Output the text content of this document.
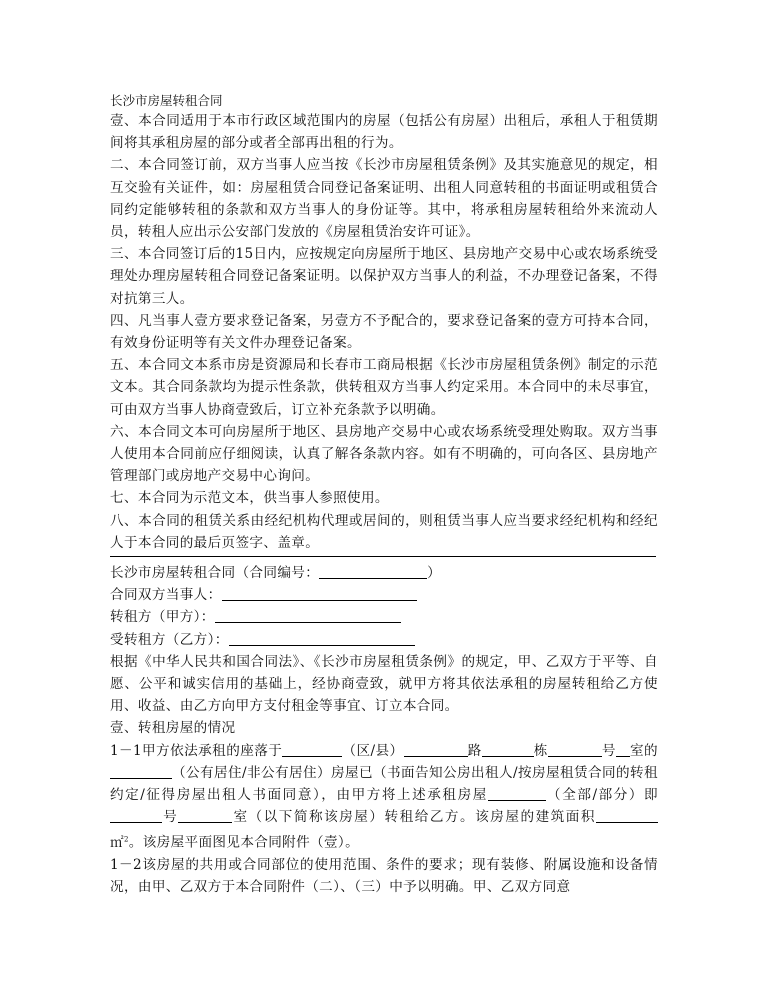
长沙市房屋转租合同

壹、本合同适用于本市行政区域范围内的房屋（包括公有房屋）出租后，承租人于租赁期间将其承租房屋的部分或者全部再出租的行为。

二、本合同签订前，双方当事人应当按《长沙市房屋租赁条例》及其实施意见的规定，相互交验有关证件，如：房屋租赁合同登记备案证明、出租人同意转租的书面证明或租赁合同约定能够转租的条款和双方当事人的身份证等。其中，将承租房屋转租给外来流动人员，转租人应出示公安部门发放的《房屋租赁治安许可证》。

三、本合同签订后的15日内，应按规定向房屋所于地区、县房地产交易中心或农场系统受理处办理房屋转租合同登记备案证明。以保护双方当事人的利益，不办理登记备案，不得对抗第三人。

四、凡当事人壹方要求登记备案，另壹方不予配合的，要求登记备案的壹方可持本合同，有效身份证明等有关文件办理登记备案。

五、本合同文本系市房是资源局和长春市工商局根据《长沙市房屋租赁条例》制定的示范文本。其合同条款均为提示性条款，供转租双方当事人约定采用。本合同中的未尽事宜，可由双方当事人协商壹致后，订立补充条款予以明确。

六、本合同文本可向房屋所于地区、县房地产交易中心或农场系统受理处购取。双方当事人使用本合同前应仔细阅读，认真了解各条款内容。如有不明确的，可向各区、县房地产管理部门或房地产交易中心询问。

七、本合同为示范文本，供当事人参照使用。

八、本合同的租赁关系由经纪机构代理或居间的，则租赁当事人应当要求经纪机构和经纪人于本合同的最后页签字、盖章。

长沙市房屋转租合同（合同编号：	）

合同双方当事人：

转租方（甲方）：

受转租方（乙方）：

根据《中华人民共和国合同法》、《长沙市房屋租赁条例》的规定，甲、乙双方于平等、自愿、公平和诚实信用的基础上，经协商壹致，就甲方将其依法承租的房屋转租给乙方使用、收益、由乙方向甲方支付租金等事宜、订立本合同。

壹、转租房屋的情况

1－1甲方依法承租的座落于	（区/县）	路	栋	号 室的（公有居住/非公有居住）房屋已（书面告知公房出租人/按房屋租赁合同的转租约定/征得房屋出租人书面同意），由甲方将上述承租房屋	（全部/部分）即号	室（以下简称该房屋）转租给乙方。该房屋的建筑面积㎡$^2$。该房屋平面图见本合同附件（壹）。

1－2该房屋的共用或合同部位的使用范围、条件的要求；现有装修、附属设施和设备情况，由甲、乙双方于本合同附件（二）、（三）中予以明确。甲、乙双方同意
